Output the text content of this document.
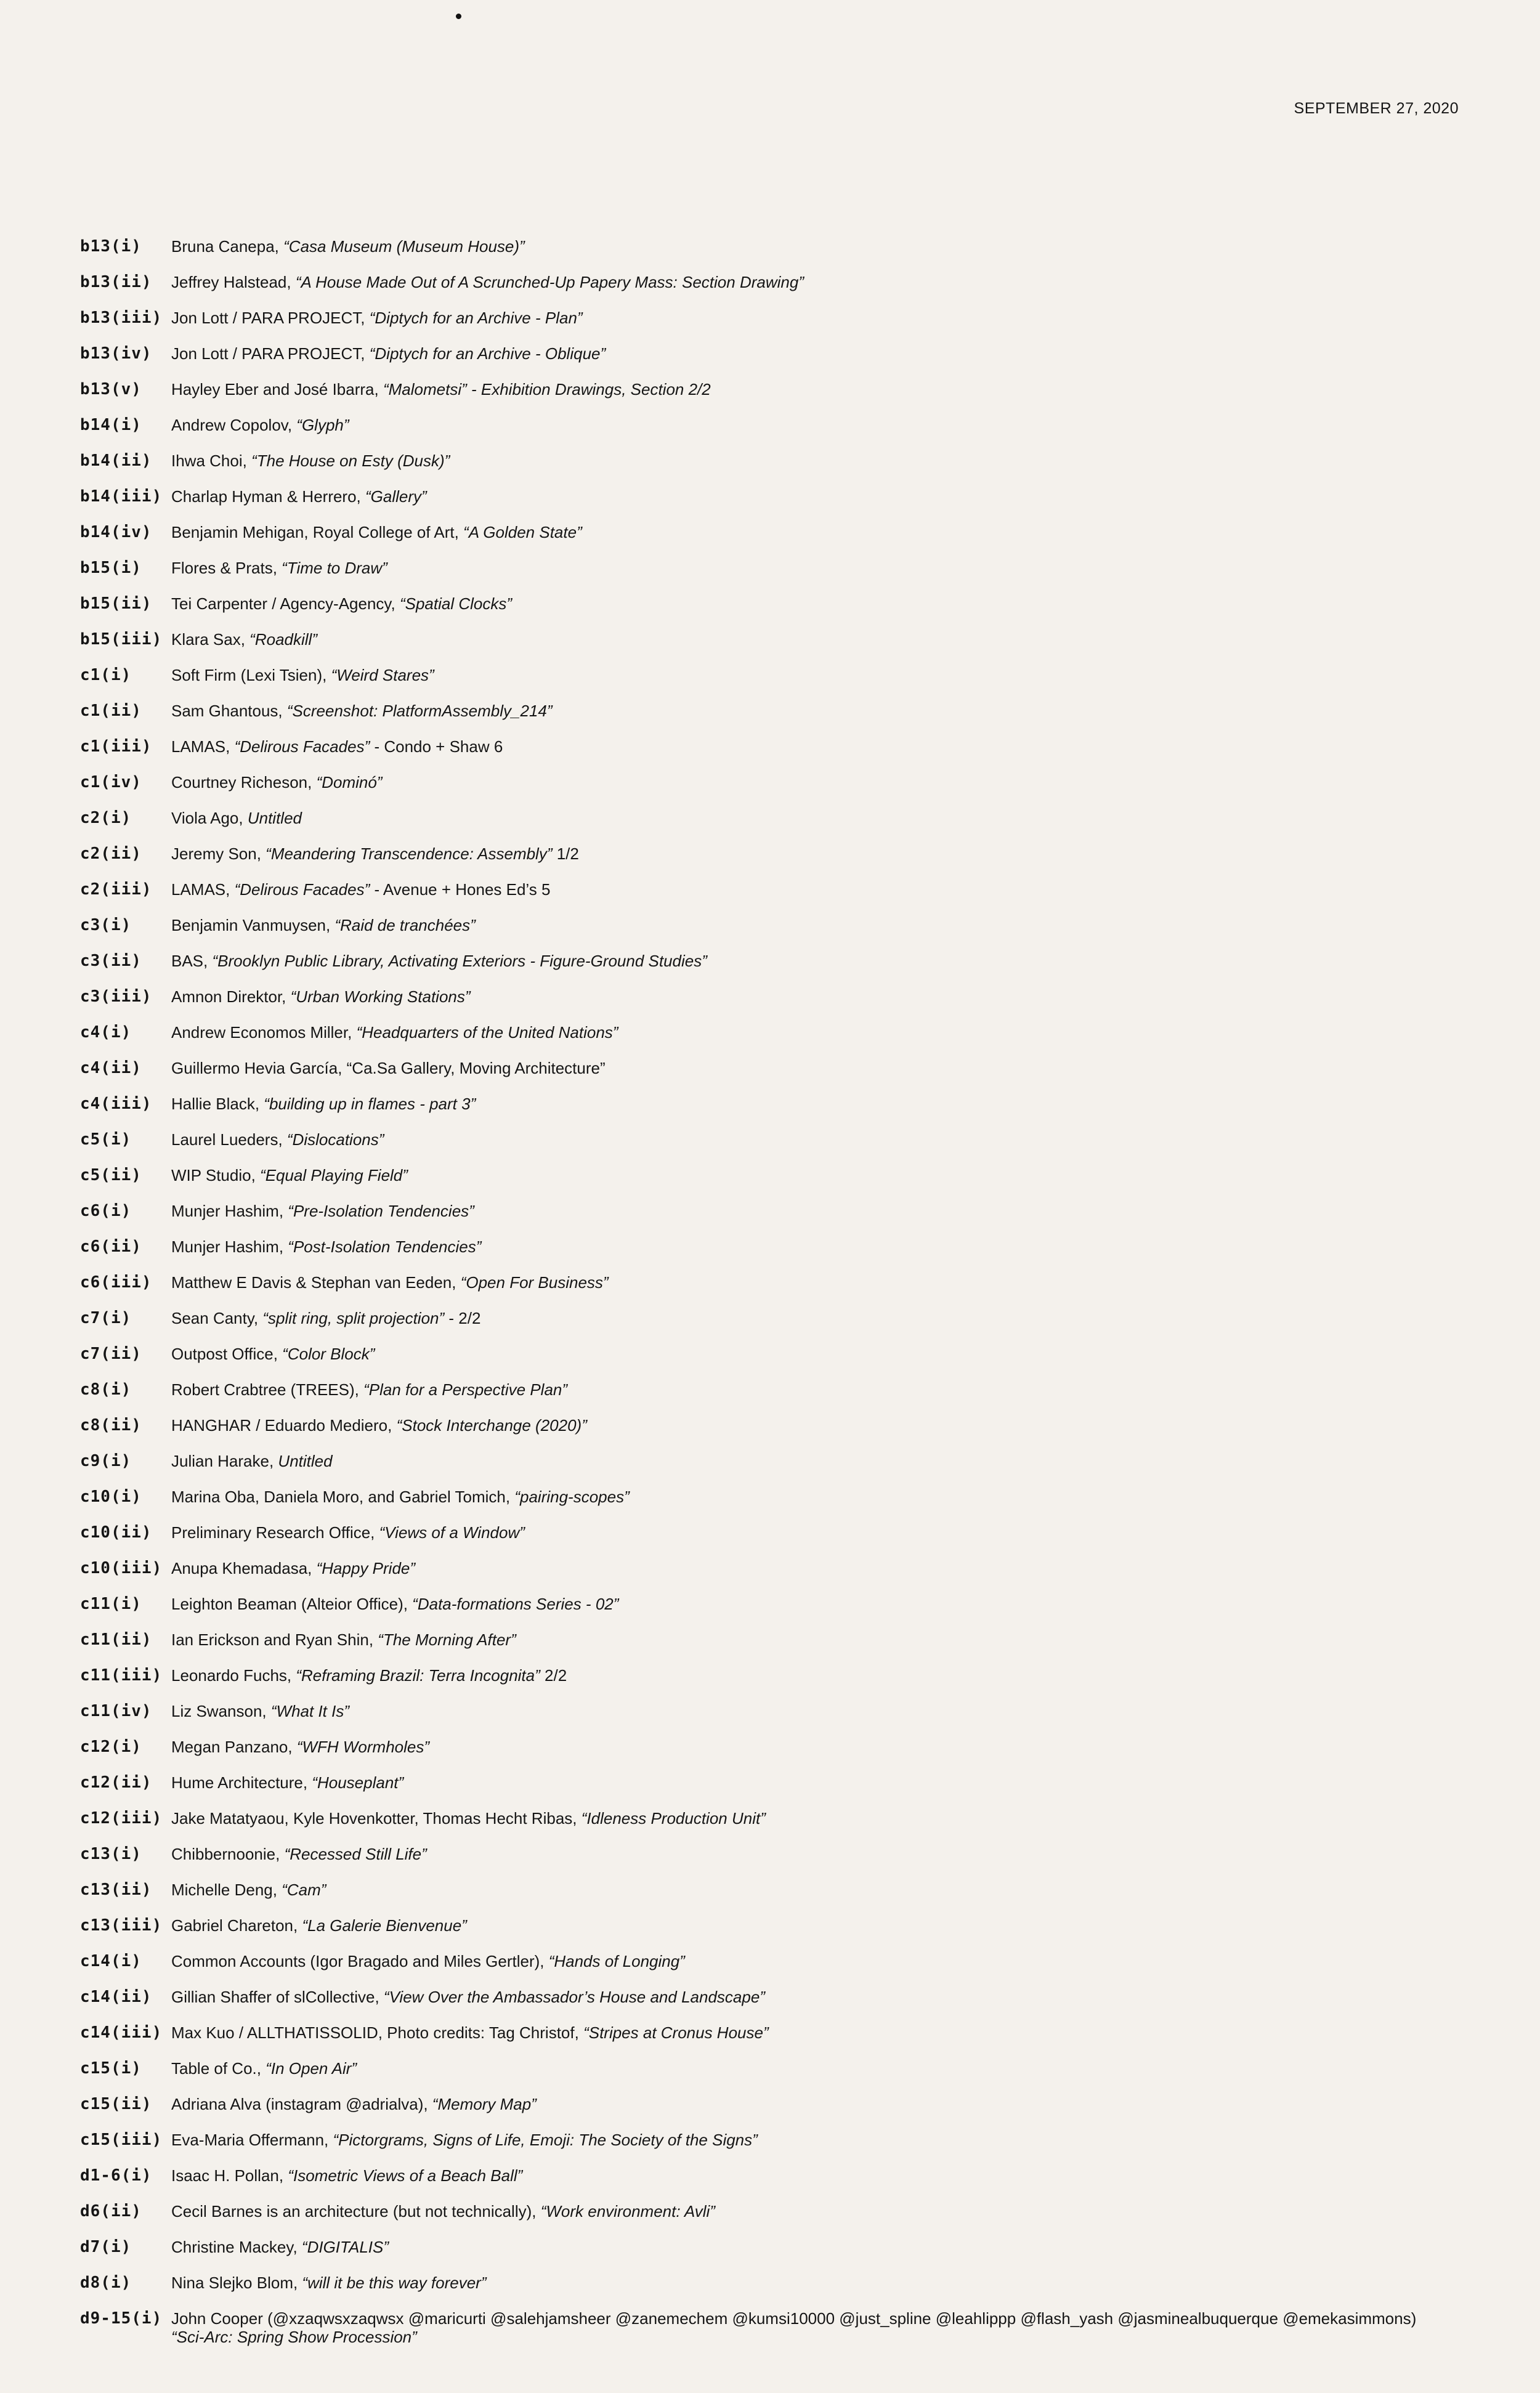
SEPTEMBER 27, 2020

b13(i)	Bruna Canepa, “Casa Museum (Museum House)”
b13(ii)	Jeffrey Halstead, “A House Made Out of A Scrunched-Up Papery Mass: Section Drawing”
b13(iii) Jon Lott / PARA PROJECT, “Diptych for an Archive - Plan”
b13(iv)	Jon Lott / PARA PROJECT, “Diptych for an Archive - Oblique”
b13(v)	Hayley Eber and José Ibarra, “Malometsi” - Exhibition Drawings, Section 2/2
b14(i)	Andrew Copolov, “Glyph”
b14(ii)	Ihwa Choi, “The House on Esty (Dusk)”
b14(iii) Charlap Hyman & Herrero, “Gallery”
b14(iv)	Benjamin Mehigan, Royal College of Art, “A Golden State”
b15(i)	Flores & Prats, “Time to Draw”
b15(ii)	Tei Carpenter / Agency-Agency, “Spatial Clocks”
b15(iii) Klara Sax, “Roadkill”
c1(i)	Soft Firm (Lexi Tsien), “Weird Stares”
c1(ii)	Sam Ghantous, “Screenshot: PlatformAssembly_214”
c1(iii)	LAMAS, “Delirous Facades” - Condo + Shaw 6
c1(iv)	Courtney Richeson, “Dominó”
c2(i)	Viola Ago, Untitled
c2(ii)	Jeremy Son, “Meandering Transcendence: Assembly” 1/2
c2(iii)	LAMAS, “Delirous Facades” - Avenue + Hones Ed’s 5
c3(i)	Benjamin Vanmuysen, “Raid de tranchées”
c3(ii)	BAS, “Brooklyn Public Library, Activating Exteriors - Figure-Ground Studies”
c3(iii)	Amnon Direktor, “Urban Working Stations”
c4(i)	Andrew Economos Miller, “Headquarters of the United Nations”
c4(ii)	Guillermo Hevia García, “Ca.Sa Gallery, Moving Architecture”
c4(iii)	Hallie Black, “building up in flames - part 3”
c5(i)	Laurel Lueders, “Dislocations”
c5(ii)	WIP Studio, “Equal Playing Field”
c6(i)	Munjer Hashim, “Pre-Isolation Tendencies”
c6(ii)	Munjer Hashim, “Post-Isolation Tendencies”
c6(iii)	Matthew E Davis & Stephan van Eeden, “Open For Business”
c7(i)	Sean Canty, “split ring, split projection” - 2/2
c7(ii)	Outpost Office, “Color Block”
c8(i)	Robert Crabtree (TREES), “Plan for a Perspective Plan”
c8(ii)	HANGHAR / Eduardo Mediero, “Stock Interchange (2020)”
c9(i)	Julian Harake, Untitled
c10(i)	Marina Oba, Daniela Moro, and Gabriel Tomich, “pairing-scopes”
c10(ii)	Preliminary Research Office, “Views of a Window”
c10(iii) Anupa Khemadasa, “Happy Pride”
c11(i)	Leighton Beaman (Alteior Office), “Data-formations Series - 02”
c11(ii)	Ian Erickson and Ryan Shin, “The Morning After”
c11(iii) Leonardo Fuchs, “Reframing Brazil: Terra Incognita” 2/2
c11(iv)	Liz Swanson, “What It Is”
c12(i)	Megan Panzano, “WFH Wormholes”
c12(ii)	Hume Architecture, “Houseplant”
c12(iii) Jake Matatyaou, Kyle Hovenkotter, Thomas Hecht Ribas, “Idleness Production Unit”
c13(i)	Chibbernoonie, “Recessed Still Life”
c13(ii)	Michelle Deng, “Cam”
c13(iii) Gabriel Chareton, “La Galerie Bienvenue”
c14(i)	Common Accounts (Igor Bragado and Miles Gertler), “Hands of Longing”
c14(ii)	Gillian Shaffer of slCollective, “View Over the Ambassador’s House and Landscape”
c14(iii) Max Kuo / ALLTHATISSOLID, Photo credits: Tag Christof, “Stripes at Cronus House”
c15(i)	Table of Co., “In Open Air”
c15(ii)	Adriana Alva (instagram @adrialva), “Memory Map”
c15(iii) Eva-Maria Offermann, “Pictorgrams, Signs of Life, Emoji: The Society of the Signs”
d1-6(i)	Isaac H. Pollan, “Isometric Views of a Beach Ball”
d6(ii)	Cecil Barnes is an architecture (but not technically), “Work environment: Avli”
d7(i)	Christine Mackey, “DIGITALIS”
d8(i)	Nina Slejko Blom, “will it be this way forever”
d9-15(i) John Cooper (@xzaqwsxzaqwsx @maricurti @salehjamsheer @zanemechem @kumsi10000 @just_spline @leahlippp @flash_yash @jasminealbuquerque @emekasimmons)
“Sci-Arc: Spring Show Procession”
